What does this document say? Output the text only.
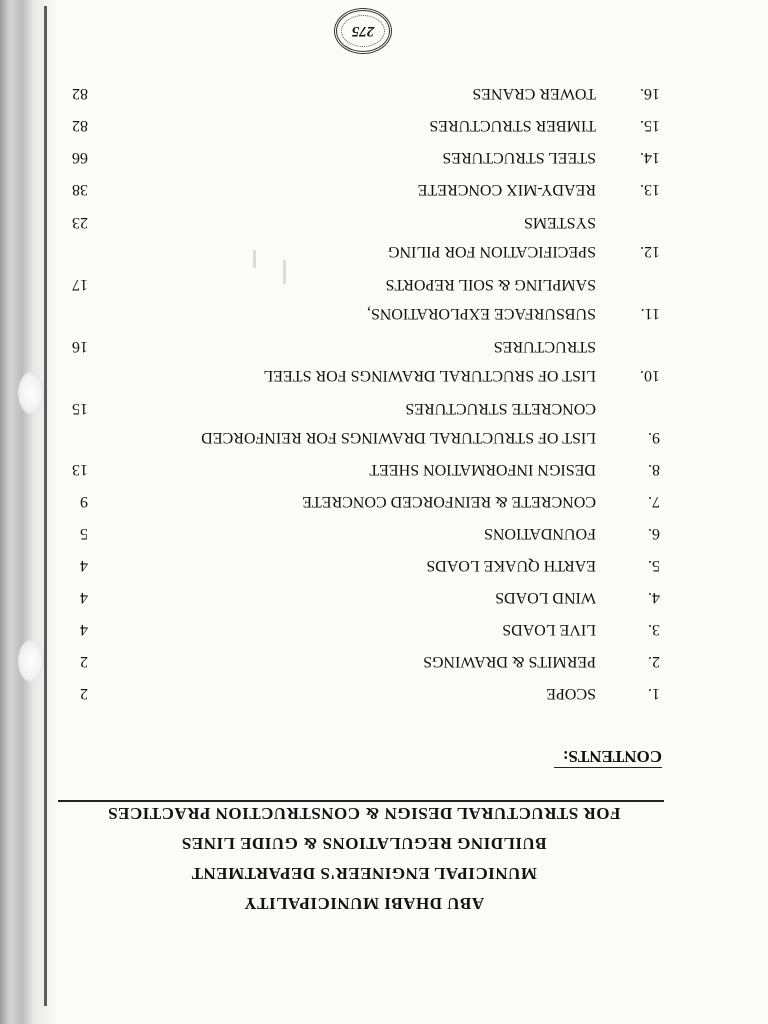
ABU DHABI MUNICIPALITY
MUNICIPAL ENGINEER'S DEPARTMENT
BUILDING REGULATIONS & GUIDE LINES
FOR STRUCTURAL DESIGN & CONSTRUCTION PRACTICES
CONTENTS:
1.
SCOPE
2
2.
PERMITS & DRAWINGS
2
3.
LIVE LOADS
4
4.
WIND LOADS
4
5.
EARTH QUAKE LOADS
4
6.
FOUNDATIONS
5
7.
CONCRETE & REINFORCED CONCRETE
9
8.
DESIGN INFORMATION SHEET
13
9.
LIST OF STRUCTURAL DRAWINGS FOR REINFORCED
CONCRETE STRUCTURES
15
10.
LIST OF SRUCTURAL DRAWINGS FOR STEEL
STRUCTURES
16
11.
SUBSURFACE EXPLORATIONS,
SAMPLING & SOIL REPORTS
17
12.
SPECIFICATION FOR PILING
SYSTEMS
23
13.
READY-MIX CONCRETE
38
14.
STEEL STRUCTURES
66
15.
TIMBER STRUCTURES
82
16.
TOWER CRANES
82
275
